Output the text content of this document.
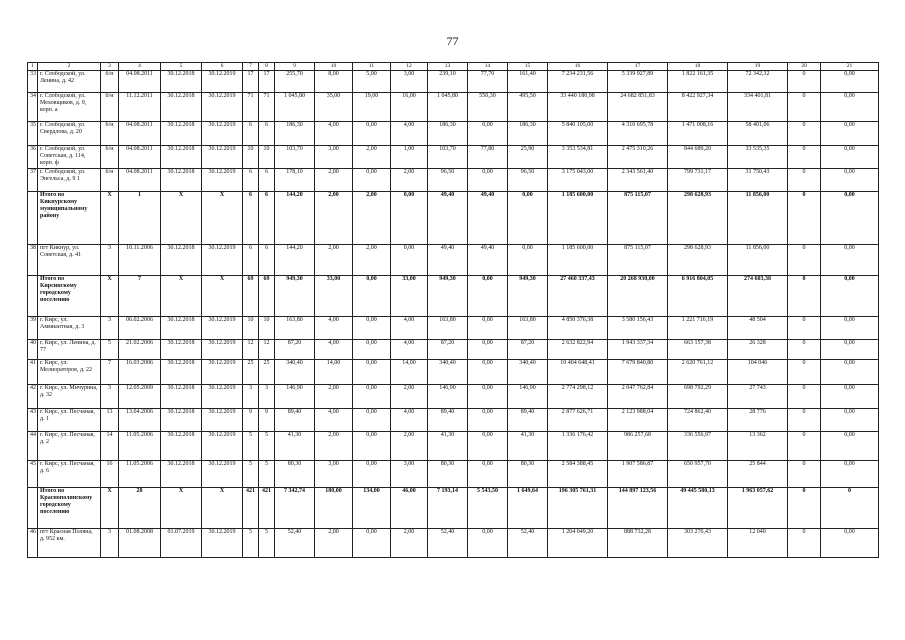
77
1	2	3	4	5	6	7	8	9	10	11	12	13	14	15	16	17	18	19	20	21
33	г. Слободской, ул. Ленина, д. 42	б/н	04.08.2011	30.12.2018	30.12.2019	17	17	255,70	8,00	5,00	3,00	239,10	77,70	161,40	7 234 231,56	5 339 927,89	1 822 161,35	72 342,32	0	0,00
34	г. Слободской, ул. Меховщиков, д. 9, корп. а	б/н	11.12.2011	30.12.2018	30.12.2019	71	71	1 045,80	35,00	19,00	16,00	1 045,80	550,30	495,50	33 440 180,98	24 682 851,83	8 422 927,34	334 401,81	0	0,00
35	г. Слободской, ул. Свердлова, д. 20	б/н	04.08.2011	30.12.2018	30.12.2019	6	6	186,30	4,00	0,00	4,00	186,30	0,00	186,30	5 840 105,00	4 310 695,78	1 471 008,16	58 401,06	0	0,00
36	г. Слободской, ул. Советская, д. 114, корп. ф	б/н	04.08.2011	30.12.2018	30.12.2019	10	10	103,70	3,00	2,00	1,00	103,70	77,80	25,90	3 353 534,81	2 475 310,26	844 689,20	33 535,35	0	0,00
37	г. Слободской, ул. Энгельса, д. 9 1	б/н	04.08.2011	30.12.2018	30.12.2019	6	6	178,10	2,00	0,00	2,00	96,50	0,00	96,50	3 175 043,00	2 343 561,40	799 731,17	31 750,43	0	0,00
	Итого по Кикнурскому муниципальному району	X	1	X	X	6	6	144,20	2,00	2,00	0,00	49,40	49,40	0,00	1 185 600,00	875 115,07	298 628,93	11 856,00	0	0,00
38	пгт Кикнур, ул. Советская, д. 41	3	10.11.2006	30.12.2018	30.12.2019	6	6	144,20	2,00	2,00	0,00	49,40	49,40	0,00	1 185 600,00	875 115,07	298 628,93	11 856,00	0	0,00
	Итого по Кирсинскому городскому поселению	X	7	X	X	69	69	949,30	33,00	0,00	33,00	949,30	0,00	949,30	27 460 337,43	20 268 930,00	6 916 804,05	274 603,38	0	0,00
39	г. Кирс, ул. Аммиантная, д. 3	3	06.02.2006	30.12.2018	30.12.2019	10	10	163,80	4,00	0,00	4,00	163,80	0,00	163,80	4 850 376,38	3 580 156,43	1 221 716,19	48 504	0	0,00
40	г. Кирс, ул. Ленина, д. 77	5	21.02.2006	30.12.2018	30.12.2019	12	12	87,20	4,00	0,00	4,00	87,20	0,00	87,20	2 632 822,94	1 943 337,34	663 157,38	26 328	0	0,00
41	г. Кирс, ул. Мелиораторов, д. 22	7	16.03.2006	30.12.2018	30.12.2019	25	25	340,40	14,00	0,00	14,00	340,40	0,00	340,40	10 404 648,41	7 679 840,80	2 620 761,12	104 046	0	0,00
42	г. Кирс, ул. Мичурина, д. 32	3	12.05.2009	30.12.2018	30.12.2019	3	3	146,90	2,00	0,00	2,00	146,90	0,00	146,90	2 774 298,12	2 047 762,84	698 792,29	27 743	0	0,00
43	г. Кирс, ул. Песчаная, д. 1	13	13.04.2006	30.12.2018	30.12.2019	9	9	89,40	4,00	0,00	4,00	89,40	0,00	89,40	2 877 626,71	2 123 988,04	724 862,40	28 776	0	0,00
44	г. Кирс, ул. Песчаная, д. 2	14	11.05.2006	30.12.2018	30.12.2019	5	5	41,30	2,00	0,00	2,00	41,30	0,00	41,30	1 336 176,42	986 257,68	336 556,97	13 362	0	0,00
45	г. Кирс, ул. Песчаная, д. 6	16	11.05.2006	30.12.2018	30.12.2019	5	5	80,30	3,00	0,00	3,00	80,30	0,00	80,30	2 584 388,45	1 907 586,87	650 957,70	25 844	0	0,00
	Итого по Краснополянскому городскому поселению	X	28	X	X	421	421	7 342,74	180,00	134,00	46,00	7 193,14	5 543,50	1 649,64	196 305 761,31	144 897 123,56	49 445 580,13	1 963 057,62	0	0
46	пгт Красная Поляна, д. 952 км.	3	01.08.2008	01.07.2019	30.12.2019	5	5	52,40	2,00	0,00	2,00	52,40	0,00	52,40	1 204 049,20	888 732,28	303 276,43	12 040	0	0,00
